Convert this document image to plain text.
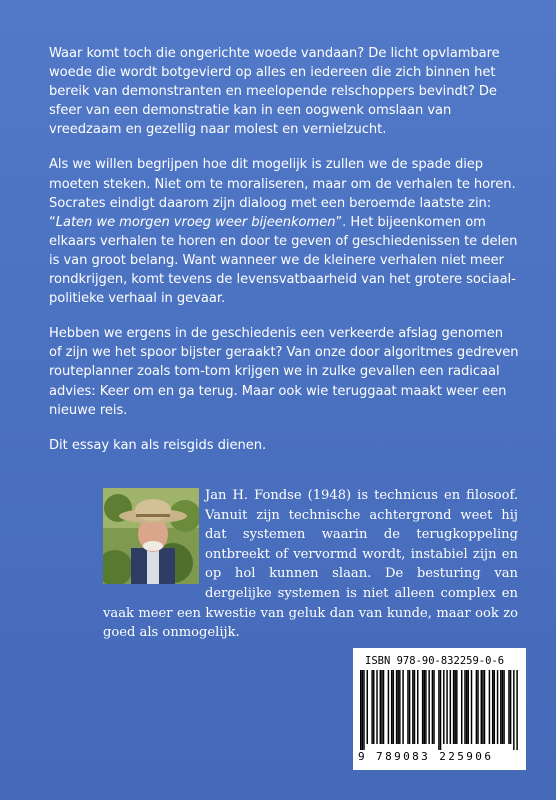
Waar komt toch die ongerichte woede vandaan? De licht opvlambare woede die wordt botgevierd op alles en iedereen die zich binnen het bereik van demonstranten en meelopende relschoppers bevindt? De sfeer van een demonstratie kan in een oogwenk omslaan van vreedzaam en gezellig naar molest en vernielzucht.

Als we willen begrijpen hoe dit mogelijk is zullen we de spade diep moeten steken. Niet om te moraliseren, maar om de verhalen te horen. Socrates eindigt daarom zijn dialoog met een beroemde laatste zin: “Laten we morgen vroeg weer bijeenkomen”. Het bijeenkomen om elkaars verhalen te horen en door te geven of geschiedenissen te delen is van groot belang. Want wanneer we de kleinere verhalen niet meer rondkrijgen, komt tevens de levensvatbaarheid van het grotere sociaal-politieke verhaal in gevaar.

Hebben we ergens in de geschiedenis een verkeerde afslag genomen of zijn we het spoor bijster geraakt? Van onze door algoritmes gedreven routeplanner zoals tom-tom krijgen we in zulke gevallen een radicaal advies: Keer om en ga terug. Maar ook wie teruggaat maakt weer een nieuwe reis.

Dit essay kan als reisgids dienen.

Jan H. Fondse (1948) is technicus en filosoof. Vanuit zijn technische achtergrond weet hij dat systemen waarin de terugkoppeling ontbreekt of vervormd wordt, instabiel zijn en op hol kunnen slaan. De besturing van dergelijke systemen is niet alleen complex en vaak meer een kwestie van geluk dan van kunde, maar ook zo goed als onmogelijk.
ISBN 978-90-832259-0-6
9 789083 225906
